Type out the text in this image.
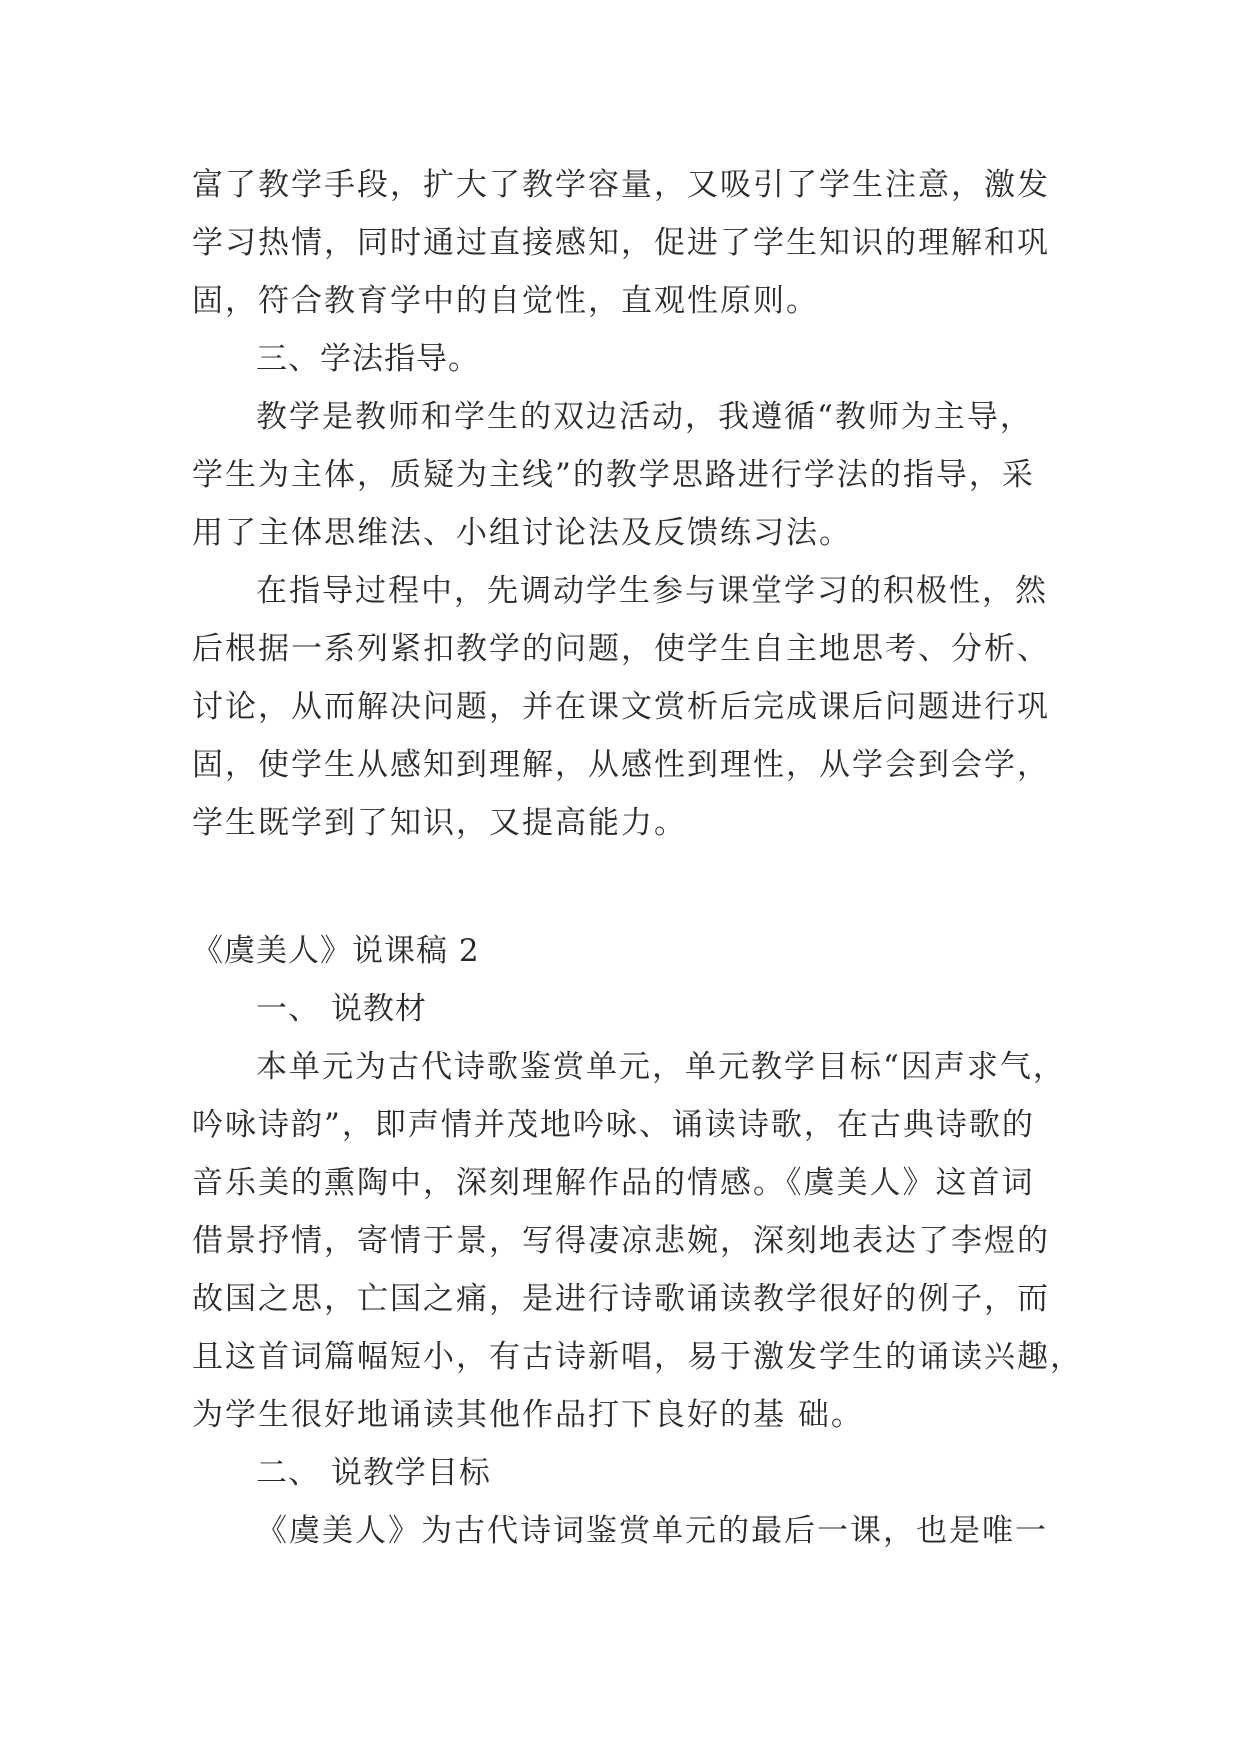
富了教学手段，扩大了教学容量，又吸引了学生注意，激发
学习热情，同时通过直接感知，促进了学生知识的理解和巩
固，符合教育学中的自觉性，直观性原则。
三、学法指导。
教学是教师和学生的双边活动，我遵循“教师为主导，
学生为主体，质疑为主线”的教学思路进行学法的指导，采
用了主体思维法、小组讨论法及反馈练习法。
在指导过程中，先调动学生参与课堂学习的积极性，然
后根据一系列紧扣教学的问题，使学生自主地思考、分析、
讨论，从而解决问题，并在课文赏析后完成课后问题进行巩
固，使学生从感知到理解，从感性到理性，从学会到会学，
学生既学到了知识，又提高能力。
《虞美人》说课稿 2
一、 说教材
本单元为古代诗歌鉴赏单元，单元教学目标“因声求气，
吟咏诗韵”，即声情并茂地吟咏、诵读诗歌，在古典诗歌的
音乐美的熏陶中，深刻理解作品的情感。《虞美人》这首词
借景抒情，寄情于景，写得凄凉悲婉，深刻地表达了李煜的
故国之思，亡国之痛，是进行诗歌诵读教学很好的例子，而
且这首词篇幅短小，有古诗新唱，易于激发学生的诵读兴趣，
为学生很好地诵读其他作品打下良好的基 础。
二、 说教学目标
《虞美人》为古代诗词鉴赏单元的最后一课，也是唯一
